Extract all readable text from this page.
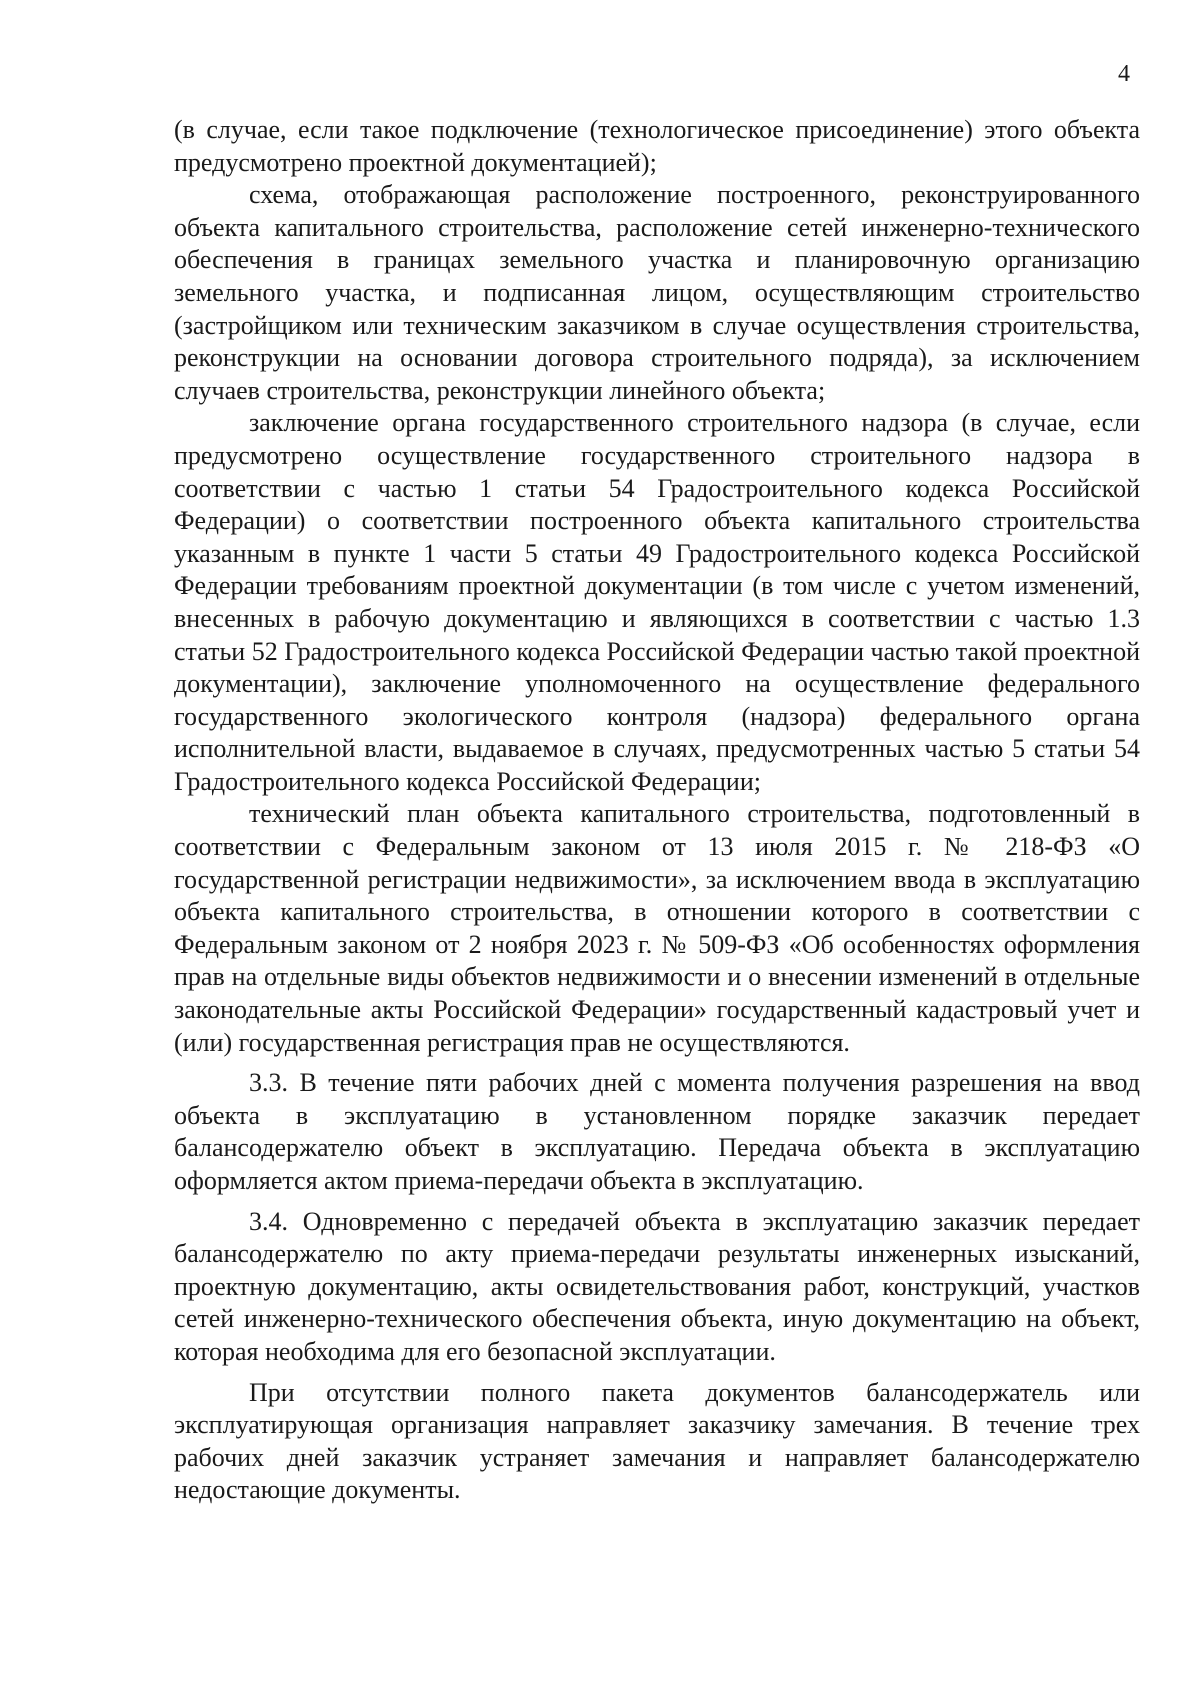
4

(в случае, если такое подключение (технологическое присоединение) этого объекта предусмотрено проектной документацией);

схема, отображающая расположение построенного, реконструированного объекта капитального строительства, расположение сетей инженерно-технического обеспечения в границах земельного участка и планировочную организацию земельного участка, и подписанная лицом, осуществляющим строительство (застройщиком или техническим заказчиком в случае осуществления строительства, реконструкции на основании договора строительного подряда), за исключением случаев строительства, реконструкции линейного объекта;

заключение органа государственного строительного надзора (в случае, если предусмотрено осуществление государственного строительного надзора в соответствии с частью 1 статьи 54 Градостроительного кодекса Российской Федерации) о соответствии построенного объекта капитального строительства указанным в пункте 1 части 5 статьи 49 Градостроительного кодекса Российской Федерации требованиям проектной документации (в том числе с учетом изменений, внесенных в рабочую документацию и являющихся в соответствии с частью 1.3 статьи 52 Градостроительного кодекса Российской Федерации частью такой проектной документации), заключение уполномоченного на осуществление федерального государственного экологического контроля (надзора) федерального органа исполнительной власти, выдаваемое в случаях, предусмотренных частью 5 статьи 54 Градостроительного кодекса Российской Федерации;

технический план объекта капитального строительства, подготовленный в соответствии с Федеральным законом от 13 июля 2015 г. № 218-ФЗ «О государственной регистрации недвижимости», за исключением ввода в эксплуатацию объекта капитального строительства, в отношении которого в соответствии с Федеральным законом от 2 ноября 2023 г. № 509-ФЗ «Об особенностях оформления прав на отдельные виды объектов недвижимости и о внесении изменений в отдельные законодательные акты Российской Федерации» государственный кадастровый учет и (или) государственная регистрация прав не осуществляются.

3.3. В течение пяти рабочих дней с момента получения разрешения на ввод объекта в эксплуатацию в установленном порядке заказчик передает балансодержателю объект в эксплуатацию. Передача объекта в эксплуатацию оформляется актом приема-передачи объекта в эксплуатацию.

3.4. Одновременно с передачей объекта в эксплуатацию заказчик передает балансодержателю по акту приема-передачи результаты инженерных изысканий, проектную документацию, акты освидетельствования работ, конструкций, участков сетей инженерно-технического обеспечения объекта, иную документацию на объект, которая необходима для его безопасной эксплуатации.

При отсутствии полного пакета документов балансодержатель или эксплуатирующая организация направляет заказчику замечания. В течение трех рабочих дней заказчик устраняет замечания и направляет балансодержателю недостающие документы.
